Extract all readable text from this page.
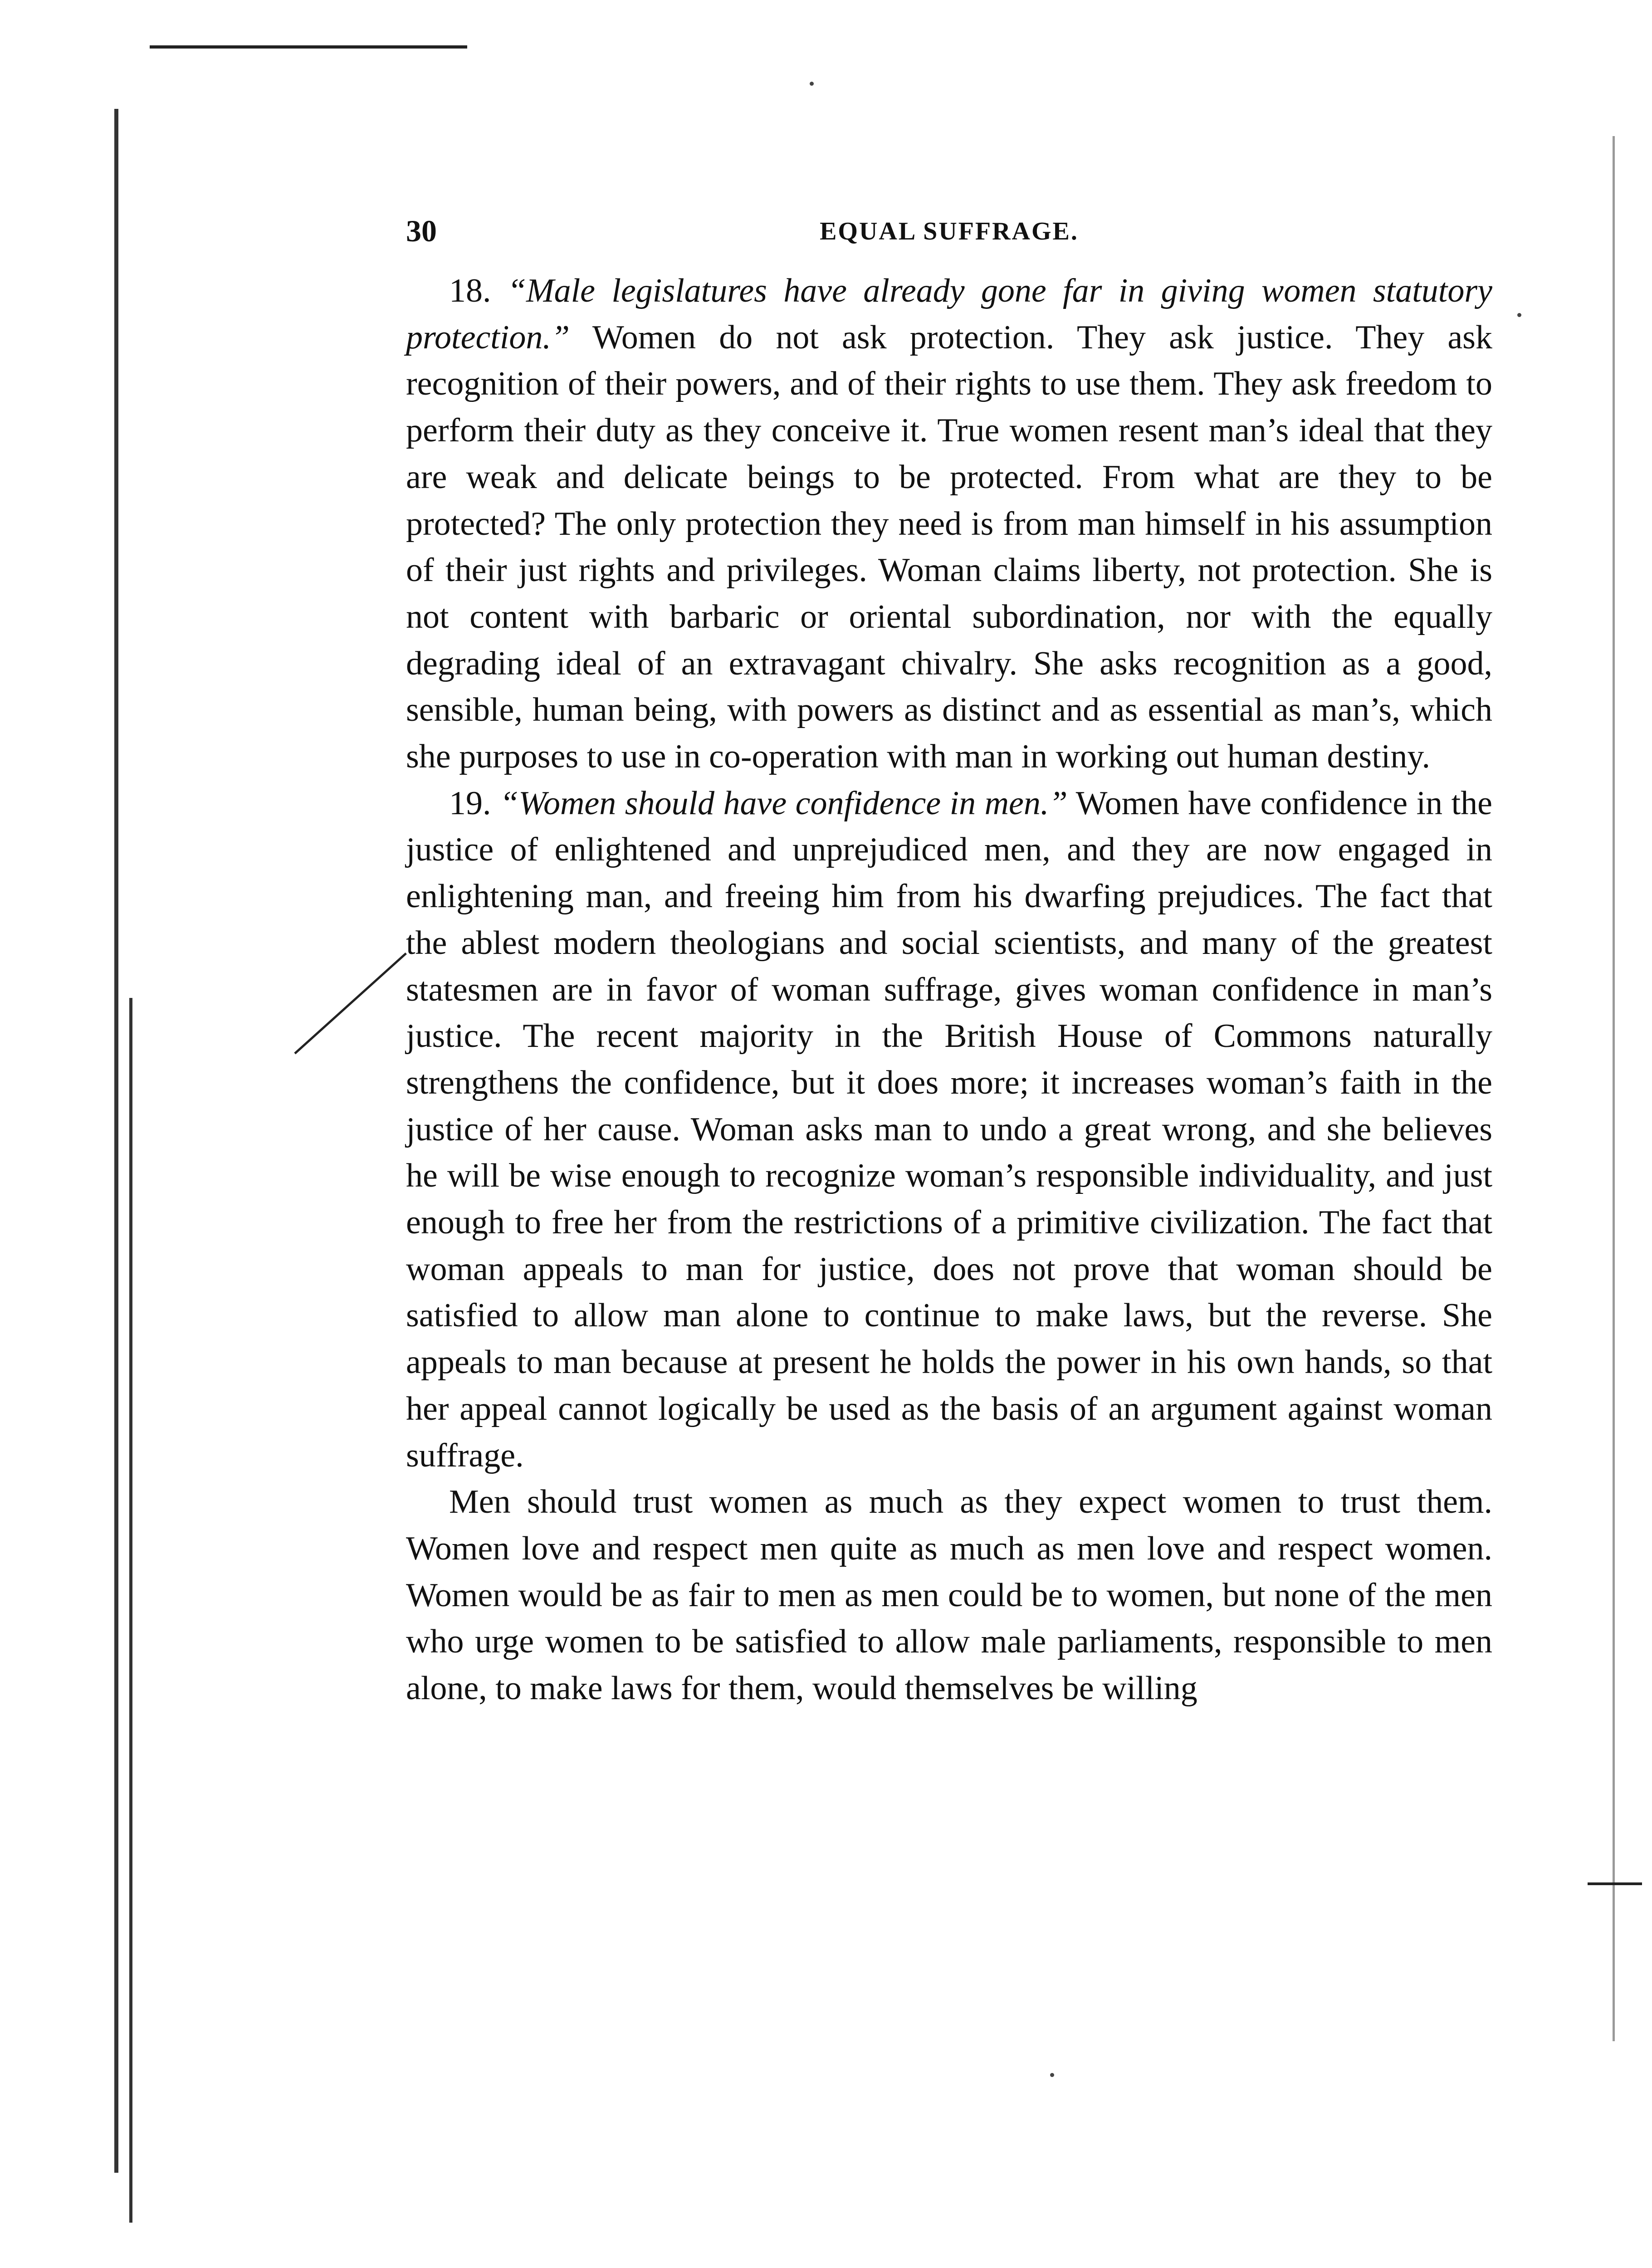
30	EQUAL SUFFRAGE.

18. “Male legislatures have already gone far in giving women statutory protection.” Women do not ask protection. They ask justice. They ask recognition of their powers, and of their rights to use them. They ask freedom to perform their duty as they conceive it. True women resent man’s ideal that they are weak and delicate beings to be protected. From what are they to be protected? The only protection they need is from man himself in his assumption of their just rights and privileges. Woman claims liberty, not protection. She is not content with barbaric or oriental subordination, nor with the equally degrading ideal of an extravagant chivalry. She asks recognition as a good, sensible, human being, with powers as distinct and as essential as man’s, which she purposes to use in co-operation with man in working out human destiny.

19. “Women should have confidence in men.” Women have confidence in the justice of enlightened and unprejudiced men, and they are now engaged in enlightening man, and freeing him from his dwarfing prejudices. The fact that the ablest modern theologians and social scientists, and many of the greatest statesmen are in favor of woman suffrage, gives woman confidence in man’s justice. The recent majority in the British House of Commons naturally strengthens the confidence, but it does more; it increases woman’s faith in the justice of her cause. Woman asks man to undo a great wrong, and she believes he will be wise enough to recognize woman’s responsible individuality, and just enough to free her from the restrictions of a primitive civilization. The fact that woman appeals to man for justice, does not prove that woman should be satisfied to allow man alone to continue to make laws, but the reverse. She appeals to man because at present he holds the power in his own hands, so that her appeal cannot logically be used as the basis of an argument against woman suffrage.

Men should trust women as much as they expect women to trust them. Women love and respect men quite as much as men love and respect women. Women would be as fair to men as men could be to women, but none of the men who urge women to be satisfied to allow male parliaments, responsible to men alone, to make laws for them, would themselves be willing
